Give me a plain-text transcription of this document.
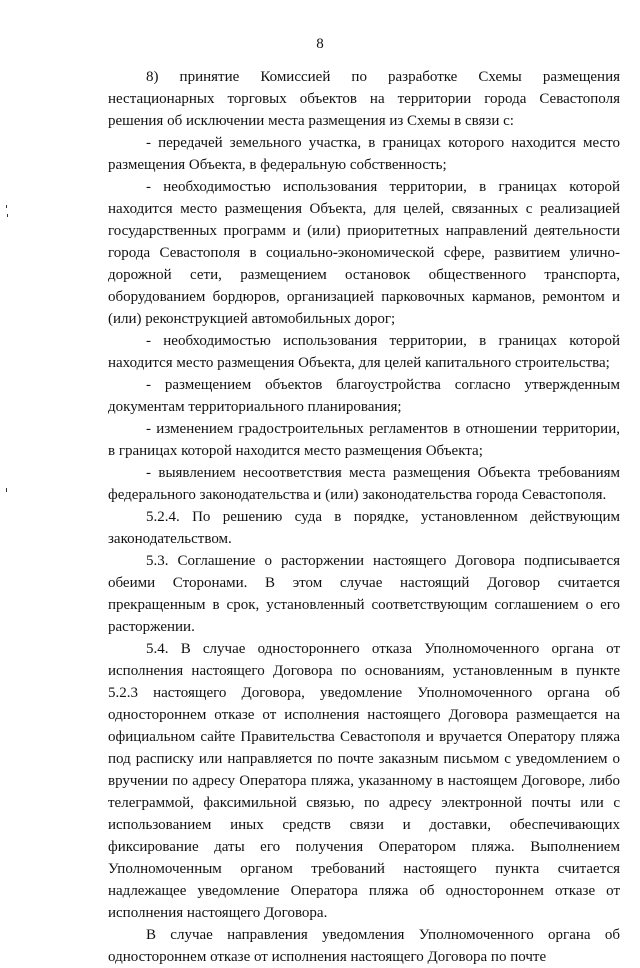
8

8) принятие Комиссией по разработке Схемы размещения нестационарных торговых объектов на территории города Севастополя решения об исключении места размещения из Схемы в связи с:

- передачей земельного участка, в границах которого находится место размещения Объекта, в федеральную собственность;

- необходимостью использования территории, в границах которой находится место размещения Объекта, для целей, связанных с реализацией государственных программ и (или) приоритетных направлений деятельности города Севастополя в социально-экономической сфере, развитием улично-дорожной сети, размещением остановок общественного транспорта, оборудованием бордюров, организацией парковочных карманов, ремонтом и (или) реконструкцией автомобильных дорог;

- необходимостью использования территории, в границах которой находится место размещения Объекта, для целей капитального строительства;

- размещением объектов благоустройства согласно утвержденным документам территориального планирования;

- изменением градостроительных регламентов в отношении территории, в границах которой находится место размещения Объекта;

- выявлением несоответствия места размещения Объекта требованиям федерального законодательства и (или) законодательства города Севастополя.

5.2.4. По решению суда в порядке, установленном действующим законодательством.

5.3. Соглашение о расторжении настоящего Договора подписывается обеими Сторонами. В этом случае настоящий Договор считается прекращенным в срок, установленный соответствующим соглашением о его расторжении.

5.4. В случае одностороннего отказа Уполномоченного органа от исполнения настоящего Договора по основаниям, установленным в пункте 5.2.3 настоящего Договора, уведомление Уполномоченного органа об одностороннем отказе от исполнения настоящего Договора размещается на официальном сайте Правительства Севастополя и вручается Оператору пляжа под расписку или направляется по почте заказным письмом с уведомлением о вручении по адресу Оператора пляжа, указанному в настоящем Договоре, либо телеграммой, факсимильной связью, по адресу электронной почты или с использованием иных средств связи и доставки, обеспечивающих фиксирование даты его получения Оператором пляжа. Выполнением Уполномоченным органом требований настоящего пункта считается надлежащее уведомление Оператора пляжа об одностороннем отказе от исполнения настоящего Договора.

В случае направления уведомления Уполномоченного органа об одностороннем отказе от исполнения настоящего Договора по почте
